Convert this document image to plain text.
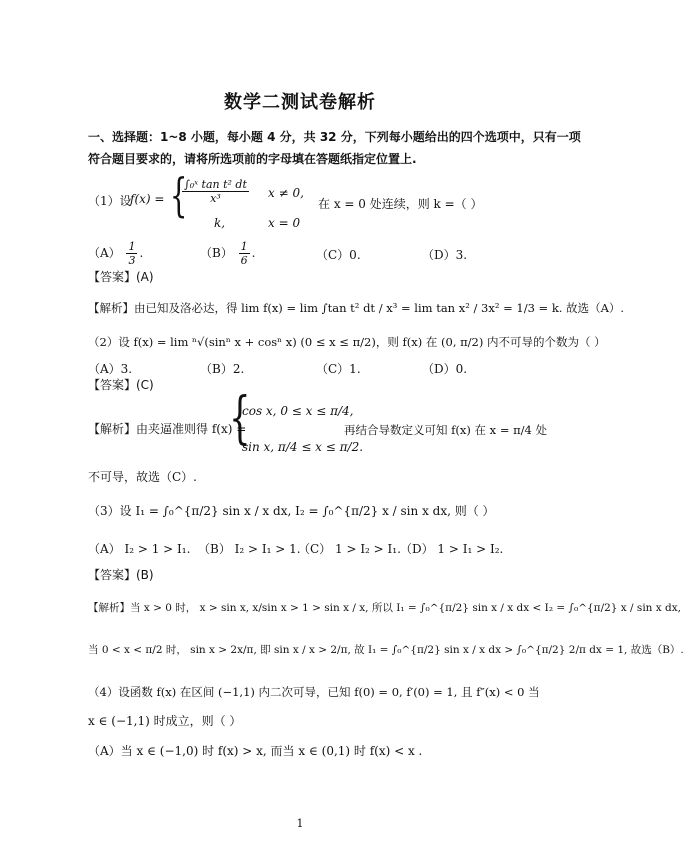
数学二测试卷解析
一、选择题：1~8 小题，每小题 4 分，共 32 分，下列每小题给出的四个选项中，只有一项
符合题目要求的，请将所选项前的字母填在答题纸指定位置上.
（1）设
f(x) = {
$\frac{\text{∫₀ˣ tan t² dt}}{\text{x³}}$ x ≠ 0,
k,	x = 0
在 x = 0 处连续，则 k =（ ）
$(A) \frac{1}{3}$ .	$(B) \frac{1}{6}$ .	（C）0.	（D）3.
【答案】(A)
【解析】由已知及洛必达，得 lim f(x) = lim ∫tan t² dt / x³ = lim tan x² / 3x² = 1/3 = k. 故选（A）.
（2）设 f(x) = lim ⁿ√(sinⁿ x + cosⁿ x) (0 ≤ x ≤ π/2)，则 f(x) 在 (0, π/2) 内不可导的个数为（ ）
（A）3.	（B）2.	（C）1.	（D）0.
【答案】(C)
【解析】由夹逼准则得 f(x) =
{
cos x, 0 ≤ x ≤ π/4,
sin x, π/4 ≤ x ≤ π/2.
再结合导数定义可知 f(x) 在 x = π/4 处
不可导，故选（C）.
（3）设 I₁ = ∫₀^{π/2} sin x / x dx, I₂ = ∫₀^{π/2} x / sin x dx, 则（ ）
（A） I₂ > 1 > I₁. （B） I₂ > I₁ > 1.
（C） 1 > I₂ > I₁. （D） 1 > I₁ > I₂.
【答案】(B)
【解析】当 x > 0 时， x > sin x, x/sin x > 1 > sin x / x, 所以 I₁ = ∫₀^{π/2} sin x / x dx < I₂ = ∫₀^{π/2} x / sin x dx,
当 0 < x < π/2 时， sin x > 2x/π, 即 sin x / x > 2/π, 故 I₁ = ∫₀^{π/2} sin x / x dx > ∫₀^{π/2} 2/π dx = 1, 故选（B）.
（4）设函数 f(x) 在区间 (−1,1) 内二次可导，已知 f(0) = 0, f′(0) = 1, 且 f″(x) < 0 当
x ∈ (−1,1) 时成立，则（ ）
（A）当 x ∈ (−1,0) 时 f(x) > x, 而当 x ∈ (0,1) 时 f(x) < x .
1
